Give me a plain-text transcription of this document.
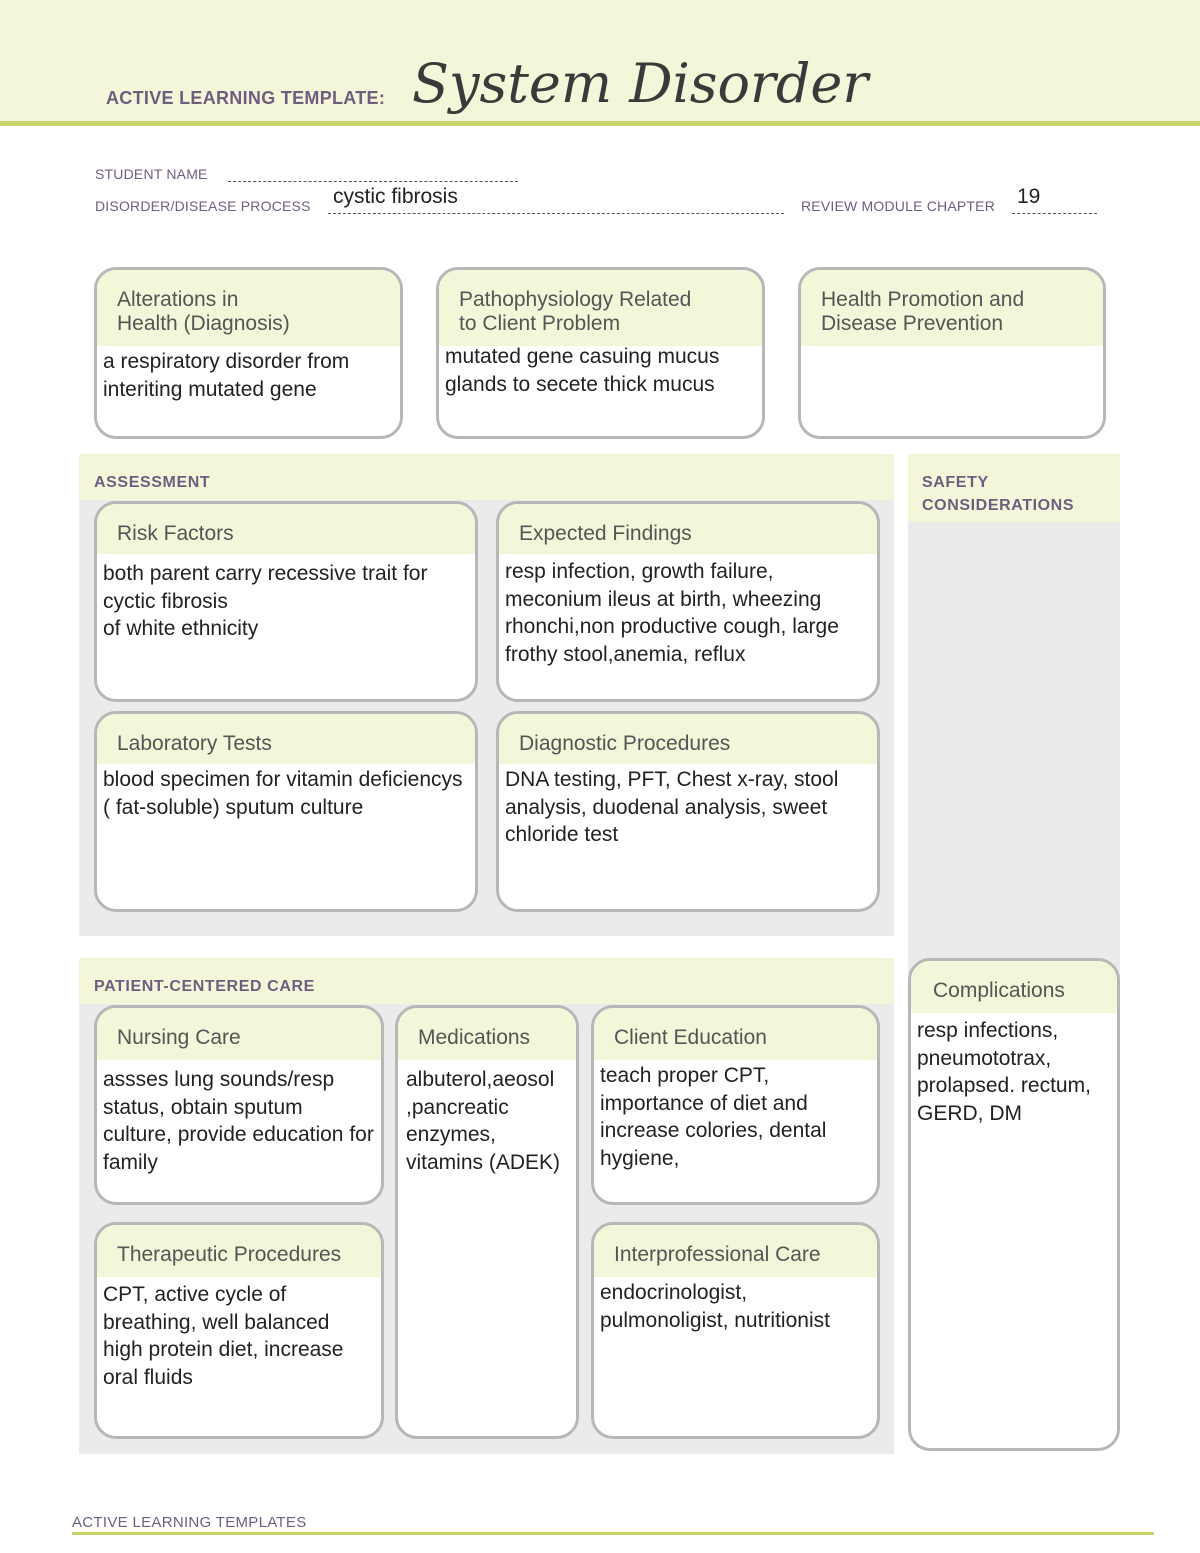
ACTIVE LEARNING TEMPLATE: System Disorder
STUDENT NAME
DISORDER/DISEASE PROCESS cystic fibrosis	REVIEW MODULE CHAPTER 19
Alterations in
Health (Diagnosis)
a respiratory disorder from interiting mutated gene
Pathophysiology Related
to Client Problem
mutated gene casuing mucus glands to secete thick mucus
Health Promotion and
Disease Prevention
ASSESSMENT
Risk Factors
both parent carry recessive trait for cyctic fibrosis
of white ethnicity
Expected Findings
resp infection, growth failure, meconium ileus at birth, wheezing rhonchi,non productive cough, large frothy stool,anemia, reflux
Laboratory Tests
blood specimen for vitamin deficiencys ( fat-soluble) sputum culture
Diagnostic Procedures
DNA testing, PFT, Chest x-ray, stool analysis, duodenal analysis, sweet chloride test
SAFETY
CONSIDERATIONS
Complications
resp infections, pneumototrax, prolapsed. rectum, GERD, DM
PATIENT-CENTERED CARE
Nursing Care
assses lung sounds/resp status, obtain sputum culture, provide education for family
Medications
albuterol,aeosol ,pancreatic enzymes, vitamins (ADEK)
Client Education
teach proper CPT, importance of diet and increase colories, dental hygiene,
Therapeutic Procedures
CPT, active cycle of breathing, well balanced high protein diet, increase oral fluids
Interprofessional Care
endocrinologist, pulmonoligist, nutritionist
ACTIVE LEARNING TEMPLATES
